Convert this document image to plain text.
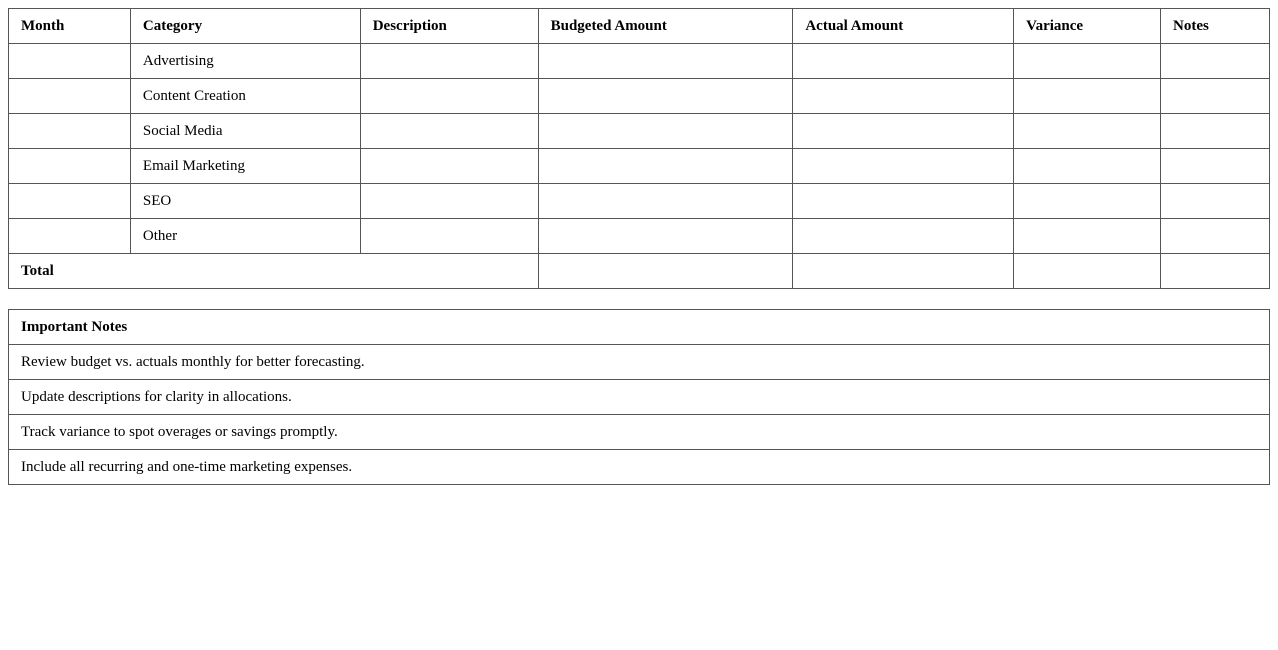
Month	Category	Description	Budgeted Amount	Actual Amount	Variance	Notes
	Advertising					
	Content Creation					
	Social Media					
	Email Marketing					
	SEO					
	Other					
Total						
Important Notes
Review budget vs. actuals monthly for better forecasting.
Update descriptions for clarity in allocations.
Track variance to spot overages or savings promptly.
Include all recurring and one-time marketing expenses.
